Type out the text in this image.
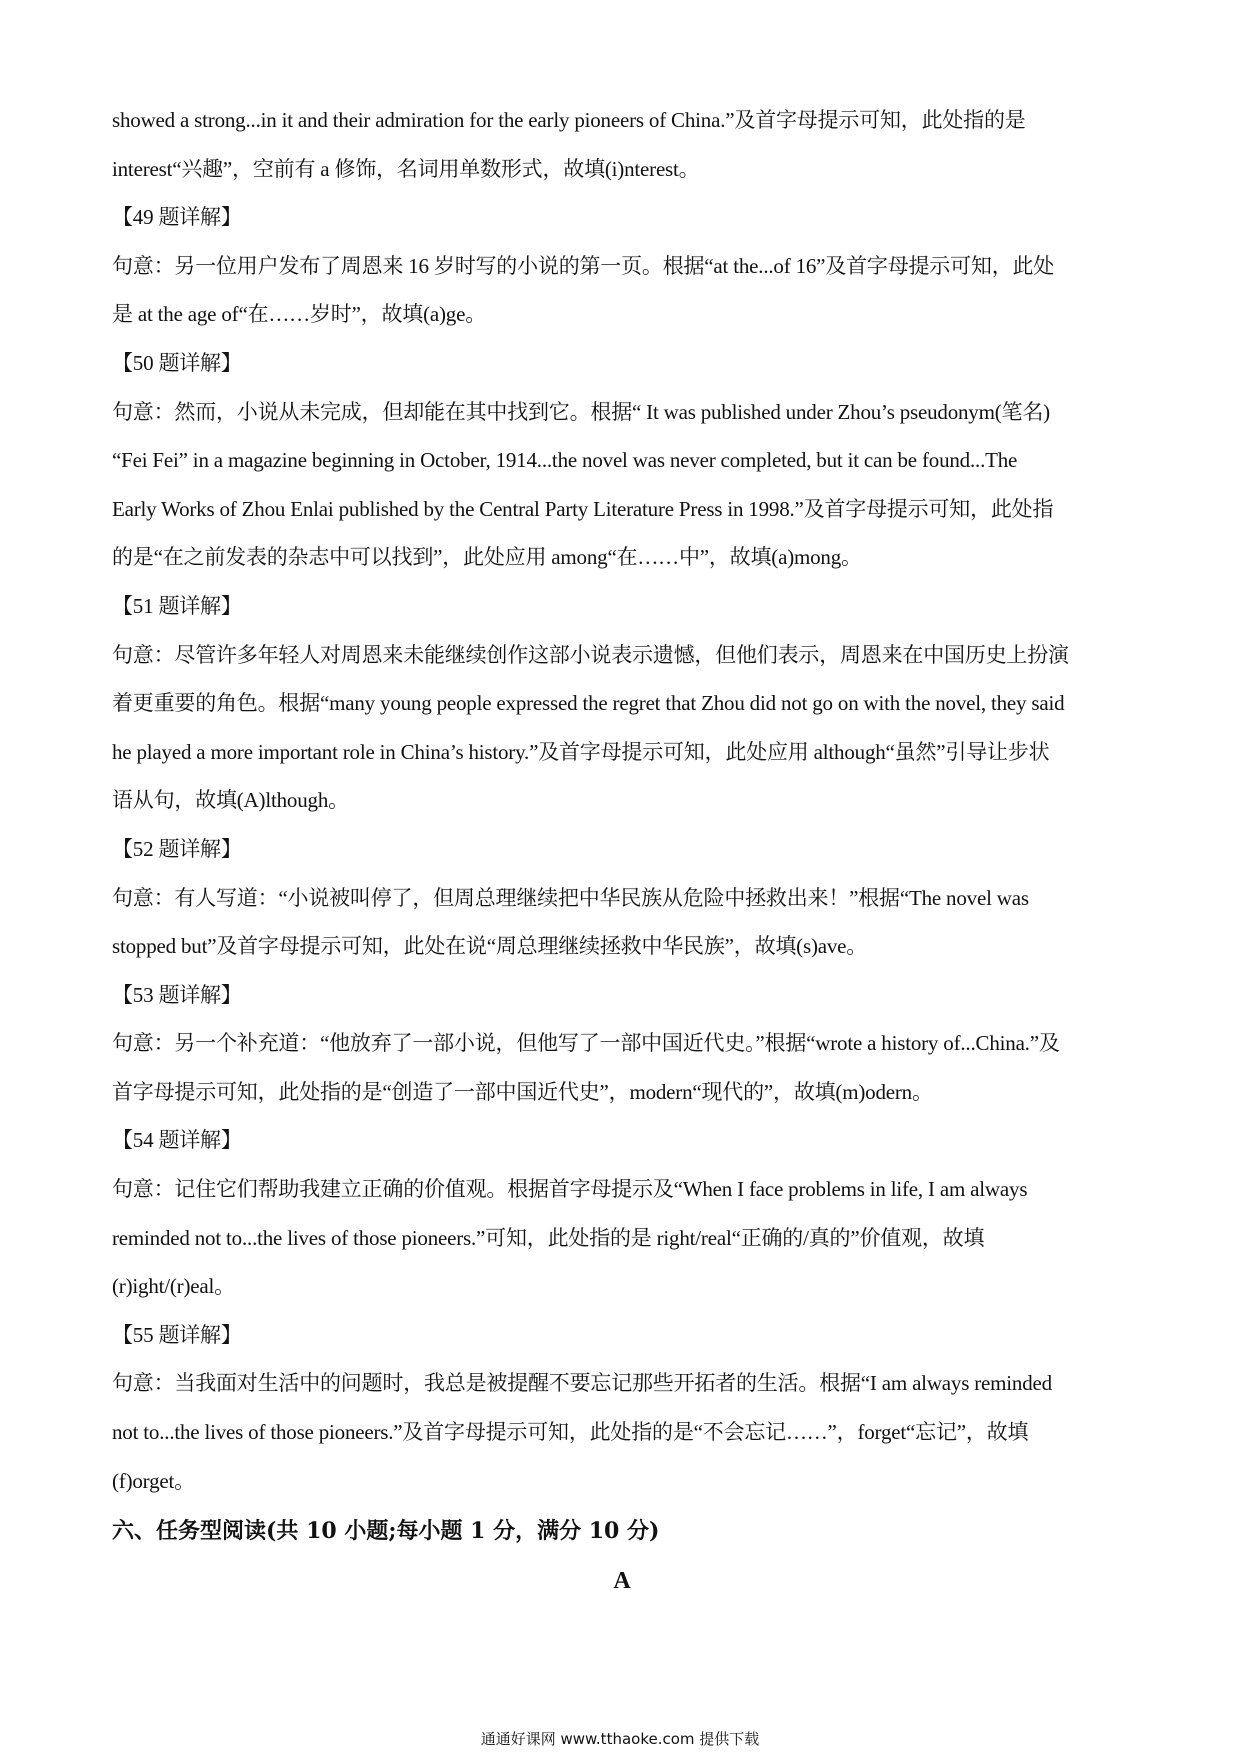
showed a strong...in it and their admiration for the early pioneers of China.”及首字母提示可知，此处指的是
interest“兴趣”，空前有 a 修饰，名词用单数形式，故填(i)nterest。
【49 题详解】
句意：另一位用户发布了周恩来 16 岁时写的小说的第一页。根据“at the...of 16”及首字母提示可知，此处
是 at the age of“在……岁时”，故填(a)ge。
【50 题详解】
句意：然而，小说从未完成，但却能在其中找到它。根据“ It was published under Zhou’s pseudonym(笔名)
“Fei Fei” in a magazine beginning in October, 1914...the novel was never completed, but it can be found...The
Early Works of Zhou Enlai published by the Central Party Literature Press in 1998.”及首字母提示可知，此处指
的是“在之前发表的杂志中可以找到”，此处应用 among“在……中”，故填(a)mong。
【51 题详解】
句意：尽管许多年轻人对周恩来未能继续创作这部小说表示遗憾，但他们表示，周恩来在中国历史上扮演
着更重要的角色。根据“many young people expressed the regret that Zhou did not go on with the novel, they said
he played a more important role in China’s history.”及首字母提示可知，此处应用 although“虽然”引导让步状
语从句，故填(A)lthough。
【52 题详解】
句意：有人写道：“小说被叫停了，但周总理继续把中华民族从危险中拯救出来！”根据“The novel was
stopped but”及首字母提示可知，此处在说“周总理继续拯救中华民族”，故填(s)ave。
【53 题详解】
句意：另一个补充道：“他放弃了一部小说，但他写了一部中国近代史。”根据“wrote a history of...China.”及
首字母提示可知，此处指的是“创造了一部中国近代史”，modern“现代的”，故填(m)odern。
【54 题详解】
句意：记住它们帮助我建立正确的价值观。根据首字母提示及“When I face problems in life, I am always
reminded not to...the lives of those pioneers.”可知，此处指的是 right/real“正确的/真的”价值观，故填
(r)ight/(r)eal。
【55 题详解】
句意：当我面对生活中的问题时，我总是被提醒不要忘记那些开拓者的生活。根据“I am always reminded
not to...the lives of those pioneers.”及首字母提示可知，此处指的是“不会忘记……”，forget“忘记”，故填
(f)orget。
六、任务型阅读(共 10 小题;每小题 1 分，满分 10 分)
A
通通好课网 www.tthaoke.com 提供下载
